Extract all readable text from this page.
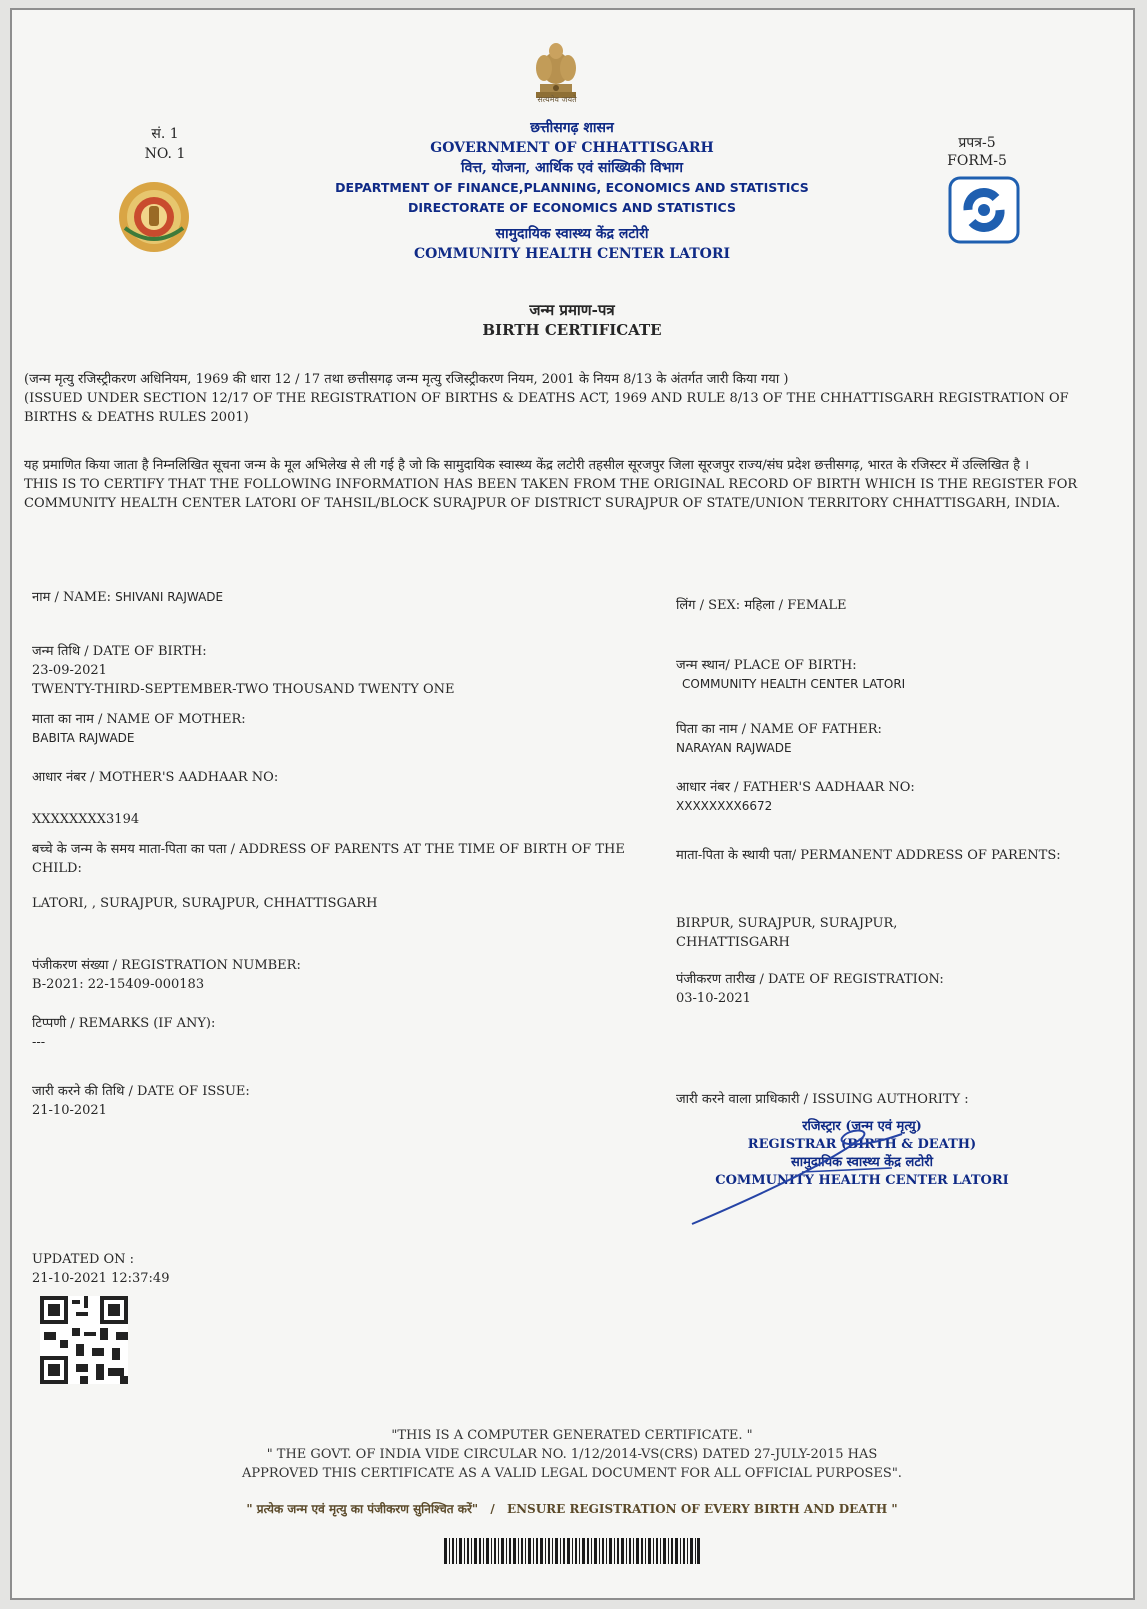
सत्यमेव जयते
सं. 1
NO. 1
छत्तीसगढ़ शासन
GOVERNMENT OF CHHATTISGARH
वित्त, योजना, आर्थिक एवं सांख्यिकी विभाग
DEPARTMENT OF FINANCE,PLANNING, ECONOMICS AND STATISTICS
DIRECTORATE OF ECONOMICS AND STATISTICS
सामुदायिक स्वास्थ्य केंद्र लटोरी
COMMUNITY HEALTH CENTER LATORI
प्रपत्र-5
FORM-5
जन्म प्रमाण-पत्र
BIRTH CERTIFICATE
(जन्म मृत्यु रजिस्ट्रीकरण अधिनियम, 1969 की धारा 12 / 17 तथा छत्तीसगढ़ जन्म मृत्यु रजिस्ट्रीकरण नियम, 2001 के नियम 8/13 के अंतर्गत जारी किया गया )
(ISSUED UNDER SECTION 12/17 OF THE REGISTRATION OF BIRTHS & DEATHS ACT, 1969 AND RULE 8/13 OF THE CHHATTISGARH REGISTRATION OF BIRTHS & DEATHS RULES 2001)
यह प्रमाणित किया जाता है निम्नलिखित सूचना जन्म के मूल अभिलेख से ली गई है जो कि सामुदायिक स्वास्थ्य केंद्र लटोरी तहसील सूरजपुर जिला सूरजपुर राज्य/संघ प्रदेश छत्तीसगढ़, भारत के रजिस्टर में उल्लिखित है ।
THIS IS TO CERTIFY THAT THE FOLLOWING INFORMATION HAS BEEN TAKEN FROM THE ORIGINAL RECORD OF BIRTH WHICH IS THE REGISTER FOR COMMUNITY HEALTH CENTER LATORI OF TAHSIL/BLOCK SURAJPUR OF DISTRICT SURAJPUR OF STATE/UNION TERRITORY CHHATTISGARH, INDIA.
नाम / NAME: SHIVANI RAJWADE
जन्म तिथि / DATE OF BIRTH:
23-09-2021
TWENTY-THIRD-SEPTEMBER-TWO THOUSAND TWENTY ONE
माता का नाम / NAME OF MOTHER:
BABITA RAJWADE
आधार नंबर / MOTHER'S AADHAAR NO:
XXXXXXXX3194
बच्चे के जन्म के समय माता-पिता का पता / ADDRESS OF PARENTS AT THE TIME OF BIRTH OF THE CHILD:
LATORI, , SURAJPUR, SURAJPUR, CHHATTISGARH
पंजीकरण संख्या / REGISTRATION NUMBER:
B-2021: 22-15409-000183
टिप्पणी / REMARKS (IF ANY):
---
जारी करने की तिथि / DATE OF ISSUE:
21-10-2021
लिंग / SEX: महिला / FEMALE
जन्म स्थान/ PLACE OF BIRTH:
COMMUNITY HEALTH CENTER LATORI
पिता का नाम / NAME OF FATHER:
NARAYAN RAJWADE
आधार नंबर / FATHER'S AADHAAR NO:
XXXXXXXX6672
माता-पिता के स्थायी पता/ PERMANENT ADDRESS OF PARENTS:
BIRPUR, SURAJPUR, SURAJPUR,
CHHATTISGARH
पंजीकरण तारीख / DATE OF REGISTRATION:
03-10-2021
जारी करने वाला प्राधिकारी / ISSUING AUTHORITY :
रजिस्ट्रार (जन्म एवं मृत्यु)
REGISTRAR (BIRTH & DEATH)
सामुदायिक स्वास्थ्य केंद्र लटोरी
COMMUNITY HEALTH CENTER LATORI
UPDATED ON :
21-10-2021 12:37:49
"THIS IS A COMPUTER GENERATED CERTIFICATE. "
" THE GOVT. OF INDIA VIDE CIRCULAR NO. 1/12/2014-VS(CRS) DATED 27-JULY-2015 HAS
APPROVED THIS CERTIFICATE AS A VALID LEGAL DOCUMENT FOR ALL OFFICIAL PURPOSES".
" प्रत्येक जन्म एवं मृत्यु का पंजीकरण सुनिश्चित करें" / ENSURE REGISTRATION OF EVERY BIRTH AND DEATH "
